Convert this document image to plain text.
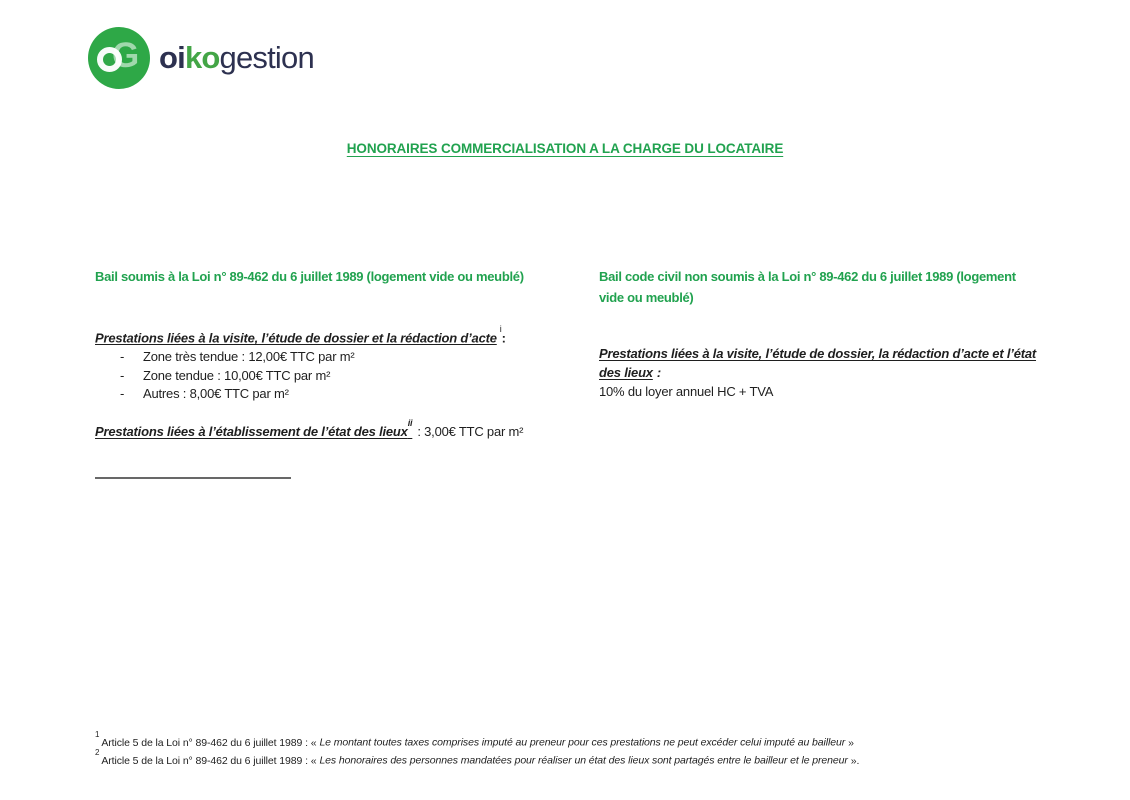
G oikogestion
HONORAIRES COMMERCIALISATION A LA CHARGE DU LOCATAIRE
Bail soumis à la Loi n° 89-462 du 6 juillet 1989 (logement vide ou meublé)
Prestations liées à la visite, l’étude de dossier et la rédaction d’acte$^i$:
- Zone très tendue : 12,00€ TTC par m²
- Zone tendue : 10,00€ TTC par m²
- Autres : 8,00€ TTC par m²
Prestations liées à l’établissement de l’état des lieux$^{ii}$: 3,00€ TTC par m²
Bail code civil non soumis à la Loi n° 89-462 du 6 juillet 1989 (logement
vide ou meublé)
Prestations liées à la visite, l’étude de dossier, la rédaction d’acte et l’état
des lieux :
10% du loyer annuel HC + TVA
$^1$Article 5 de la Loi n° 89-462 du 6 juillet 1989 : « Le montant toutes taxes comprises imputé au preneur pour ces prestations ne peut excéder celui imputé au bailleur »
$^2$Article 5 de la Loi n° 89-462 du 6 juillet 1989 : « Les honoraires des personnes mandatées pour réaliser un état des lieux sont partagés entre le bailleur et le preneur ».
